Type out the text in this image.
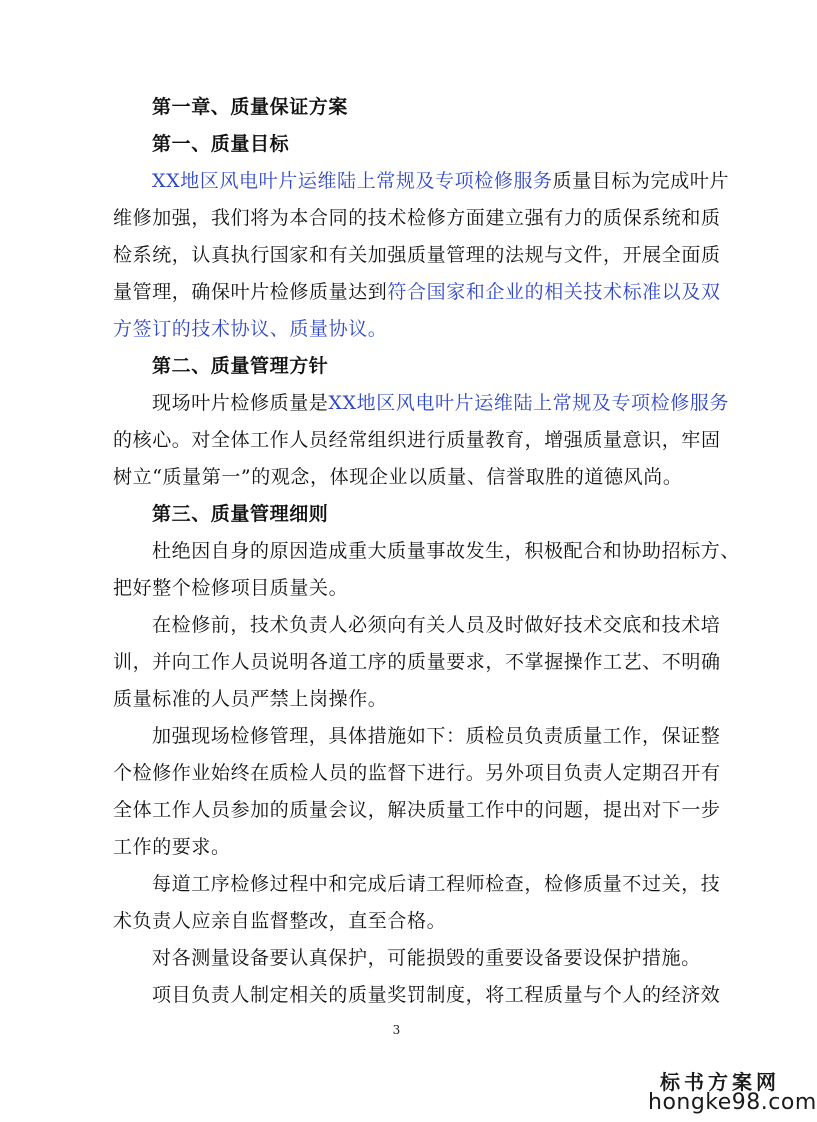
第一章、质量保证方案
第一、质量目标

XX地区风电叶片运维陆上常规及专项检修服务质量目标为完成叶片

维修加强，我们将为本合同的技术检修方面建立强有力的质保系统和质

检系统，认真执行国家和有关加强质量管理的法规与文件，开展全面质

量管理，确保叶片检修质量达到符合国家和企业的相关技术标准以及双

方签订的技术协议、质量协议。

第二、质量管理方针

现场叶片检修质量是XX地区风电叶片运维陆上常规及专项检修服务

的核心。对全体工作人员经常组织进行质量教育，增强质量意识，牢固

树立“质量第一”的观念，体现企业以质量、信誉取胜的道德风尚。

第三、质量管理细则

杜绝因自身的原因造成重大质量事故发生，积极配合和协助招标方、

把好整个检修项目质量关。

在检修前，技术负责人必须向有关人员及时做好技术交底和技术培

训，并向工作人员说明各道工序的质量要求，不掌握操作工艺、不明确

质量标准的人员严禁上岗操作。

加强现场检修管理，具体措施如下：质检员负责质量工作，保证整

个检修作业始终在质检人员的监督下进行。另外项目负责人定期召开有

全体工作人员参加的质量会议，解决质量工作中的问题，提出对下一步

工作的要求。

每道工序检修过程中和完成后请工程师检查，检修质量不过关，技

术负责人应亲自监督整改，直至合格。

对各测量设备要认真保护，可能损毁的重要设备要设保护措施。

项目负责人制定相关的质量奖罚制度，将工程质量与个人的经济效

3
标书方案网
hongke98.com
